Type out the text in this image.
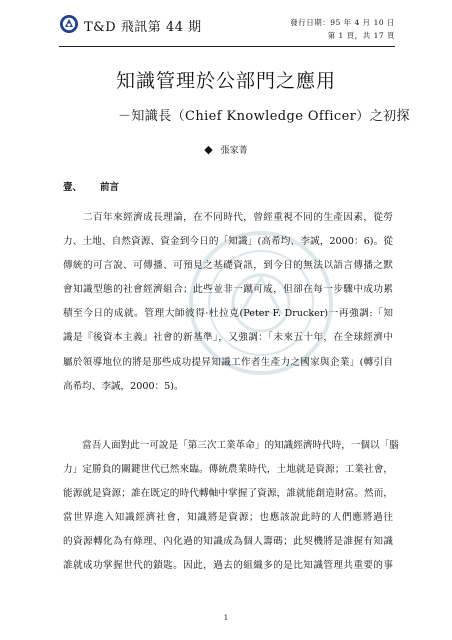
T&D 飛訊第 44 期	發行日期：95 年 4 月 10 日
第 1 頁，共 17 頁
知識管理於公部門之應用
－知識長（Chief Knowledge Officer）之初探
◆ 張家菁
壹、 前言
　　二百年來經濟成長理論，在不同時代，曾經重視不同的生產因素，從勞
力、土地、自然資源、資金到今日的「知識」(高希均、李誠，2000：6)。從
傳統的可言說、可傳播、可預見之基礎資訊，到今日的無法以語言傳播之默
會知識型態的社會經濟組合；此些並非一蹴可成，但卻在每一步驟中成功累
積至今日的成就。管理大師彼得·杜拉克(Peter F. Drucker)一再強調:「知
識是『後資本主義』社會的新基準」，又強調：「未來五十年，在全球經濟中
屬於領導地位的將是那些成功提昇知識工作者生產力之國家與企業」(轉引自
高希均、李誠，2000：5)。
　　當吾人面對此一可說是「第三次工業革命」的知識經濟時代時，一個以「腦
力」定勝負的關鍵世代已然來臨。傳統農業時代，土地就是資源；工業社會，
能源就是資源；誰在既定的時代轉軸中掌握了資源，誰就能創造財富。然而，
當世界進入知識經濟社會，知識將是資源；也應該說此時的人們應將過往
的資源轉化為有條理、內化過的知識成為個人籌碼；此契機將是誰握有知識
誰就成功掌握世代的鎖匙。因此，過去的組織多的是比知識管理共重要的事
1
